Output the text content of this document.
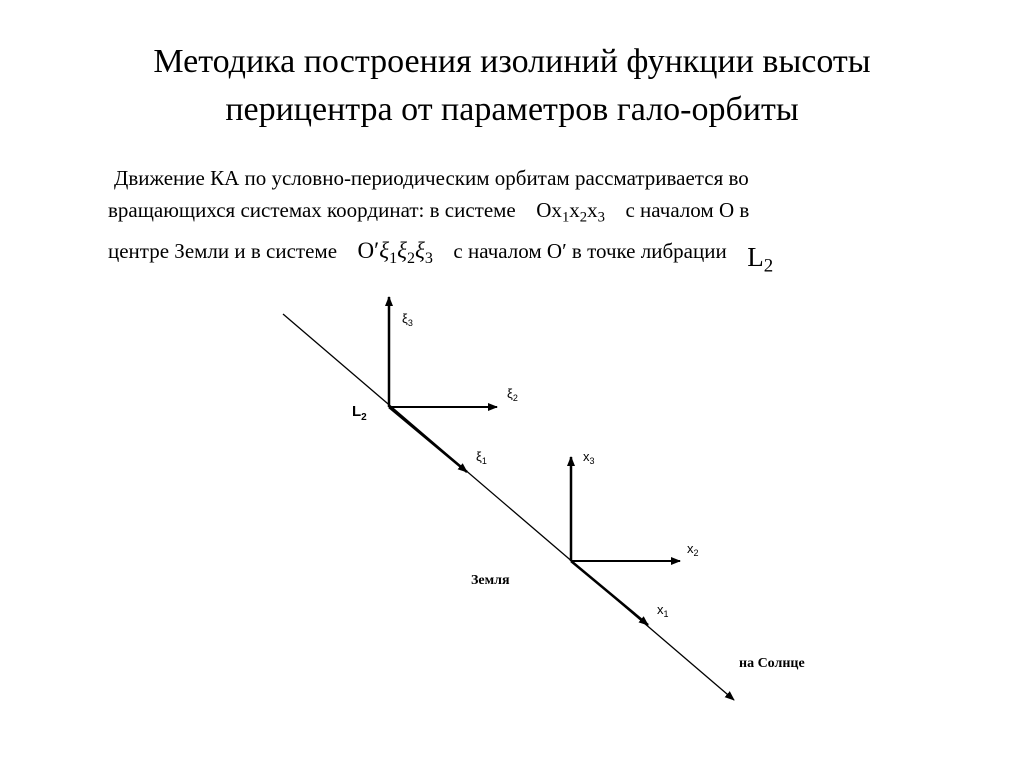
Методика построения изолиний функции высоты
перицентра от параметров гало-орбиты
Движение КА по условно-периодическим орбитам рассматривается во
вращающихся системах координат: в системе $Ox_1x_2x_3$ с началом О в
центре Земли и в системе $O'\xi_1\xi_2\xi_3$ с началом O′ в точке либрации $L_2$
$L_2$
$\xi_3$
$\xi_2$
$\xi_1$	$x_3$
$x_2$
$x_1$
Земля
на Солнце
